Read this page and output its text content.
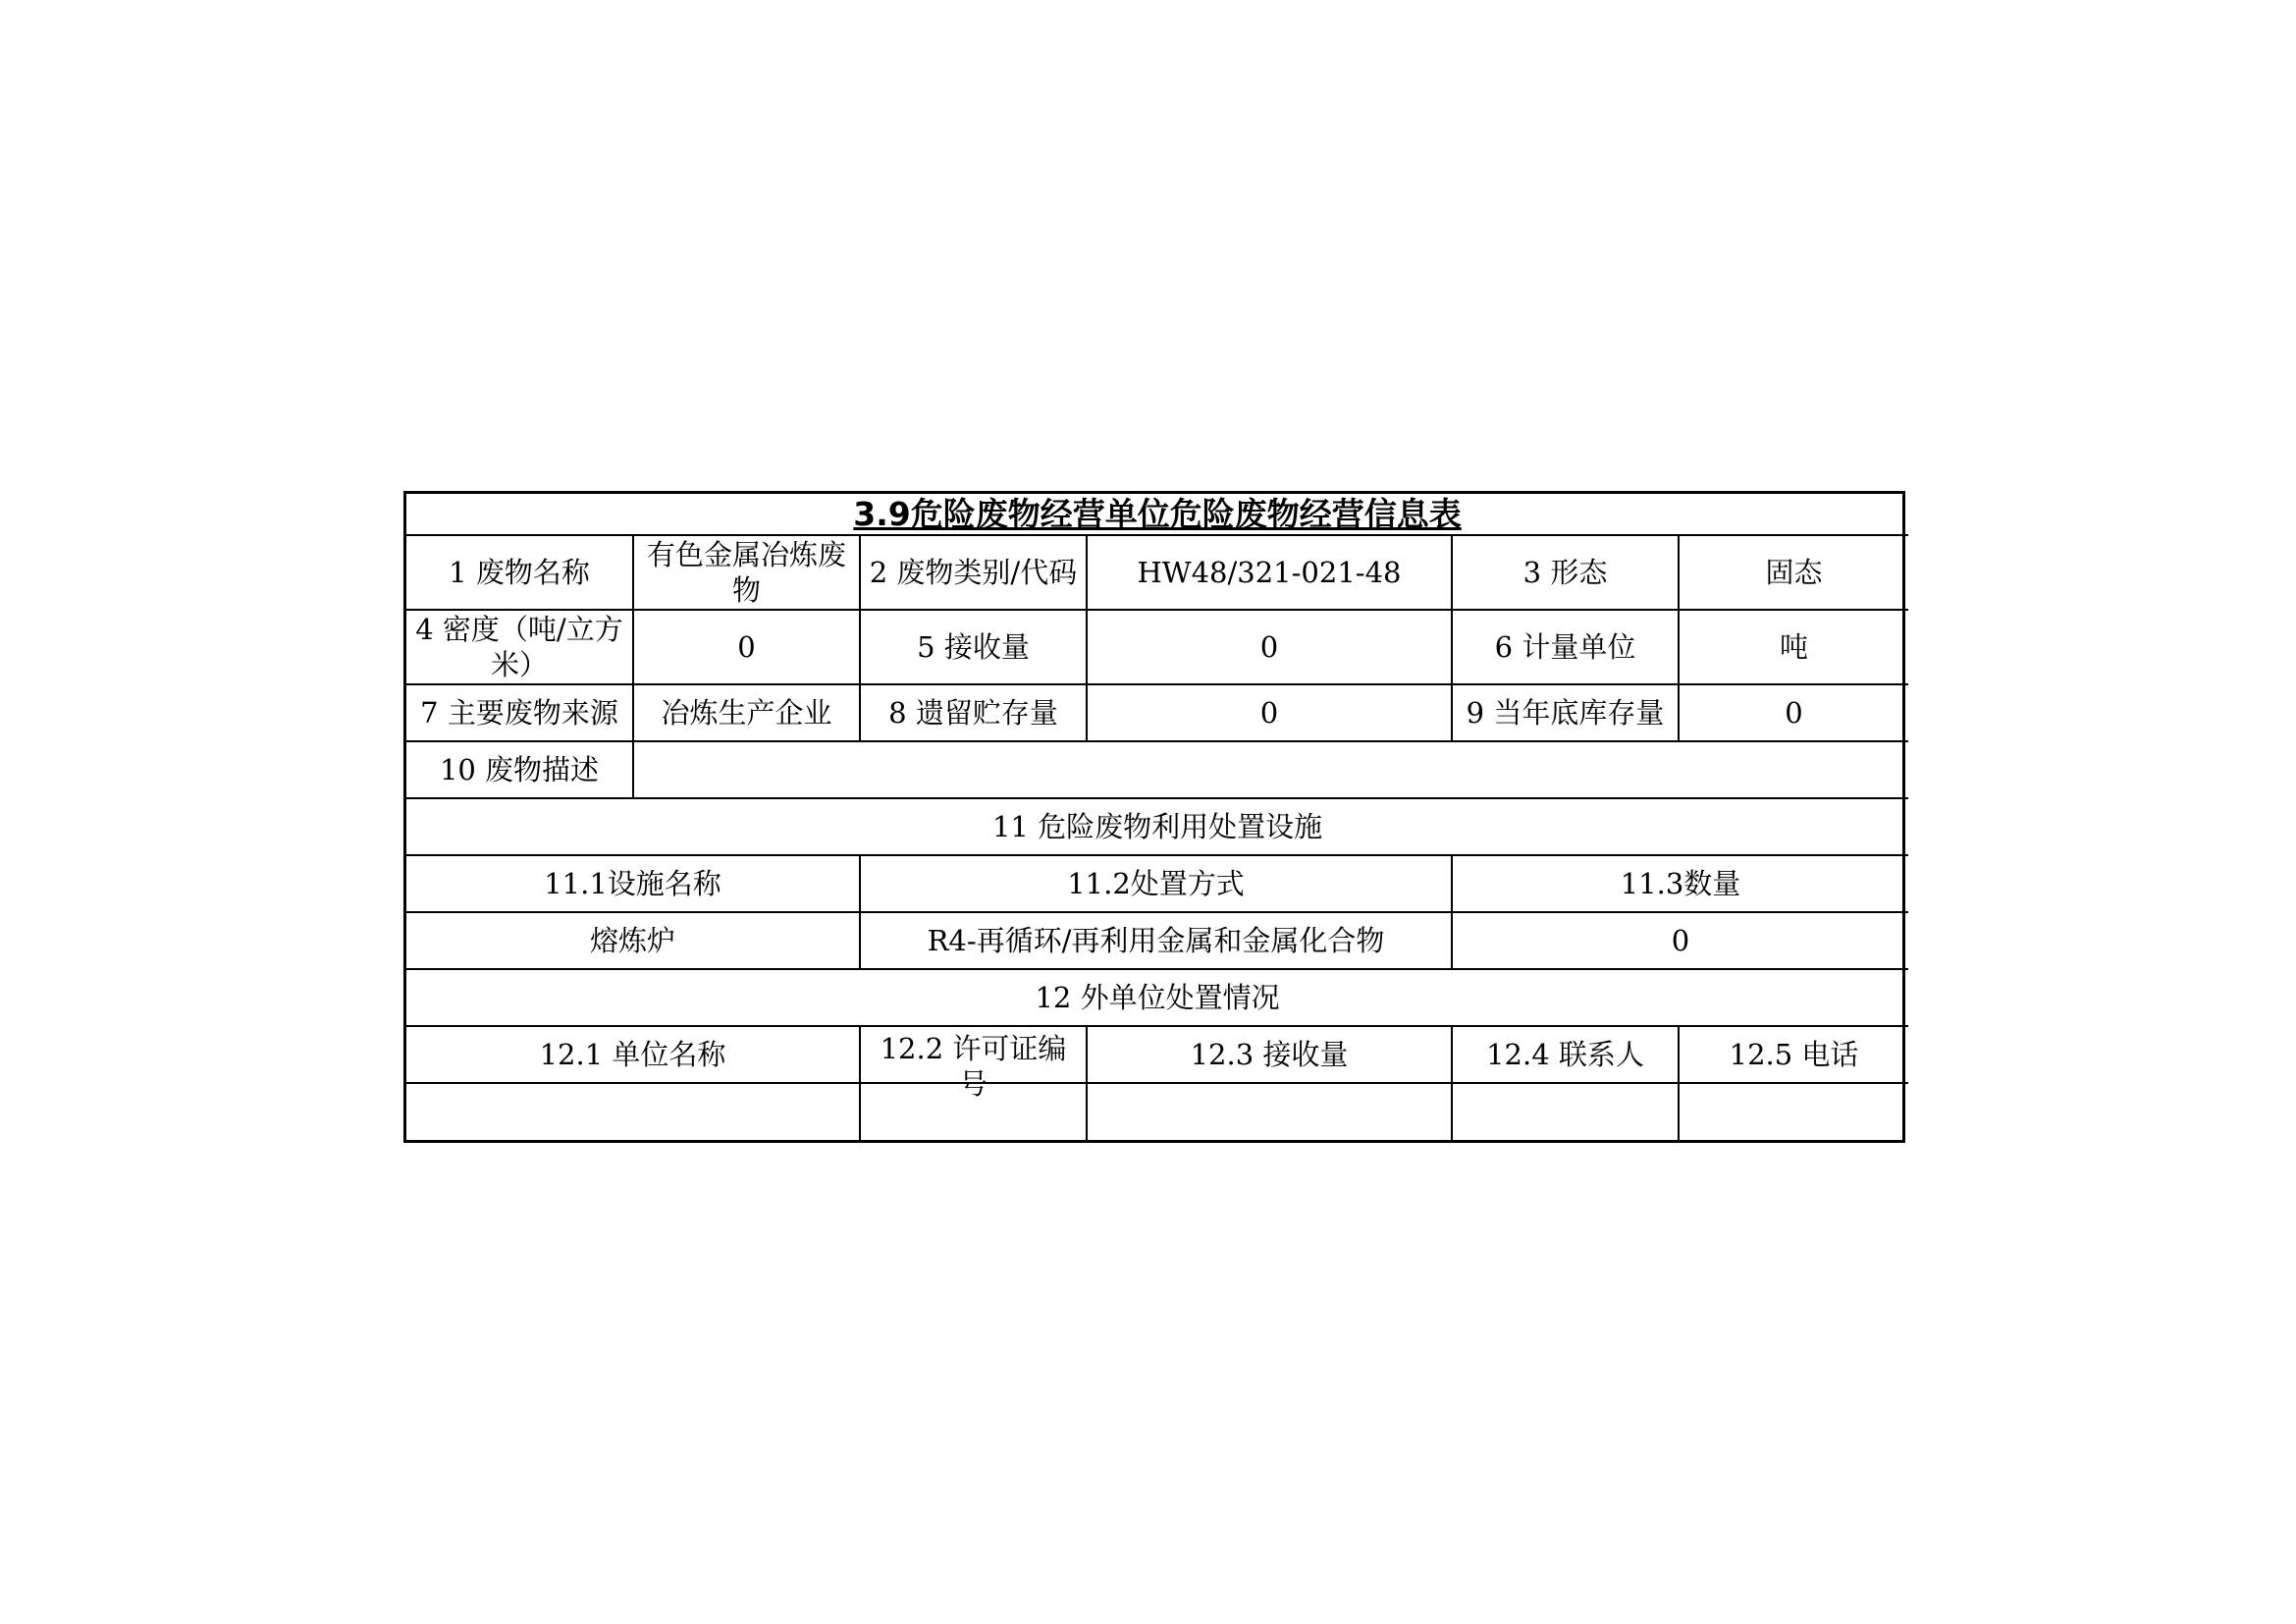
3.9危险废物经营单位危险废物经营信息表					
1 废物名称	有色金属冶炼废物	2 废物类别/代码	HW48/321-021-48	3 形态	固态
4 密度（吨/立方米）	0	5 接收量	0	6 计量单位	吨
7 主要废物来源	冶炼生产企业	8 遗留贮存量	0	9 当年底库存量	0
10 废物描述					
11 危险废物利用处置设施					
11.1设施名称		11.2处置方式		11.3数量	
熔炼炉		R4-再循环/再利用金属和金属化合物		0	
12 外单位处置情况					
12.1 单位名称		12.2 许可证编号	12.3 接收量	12.4 联系人	12.5 电话
